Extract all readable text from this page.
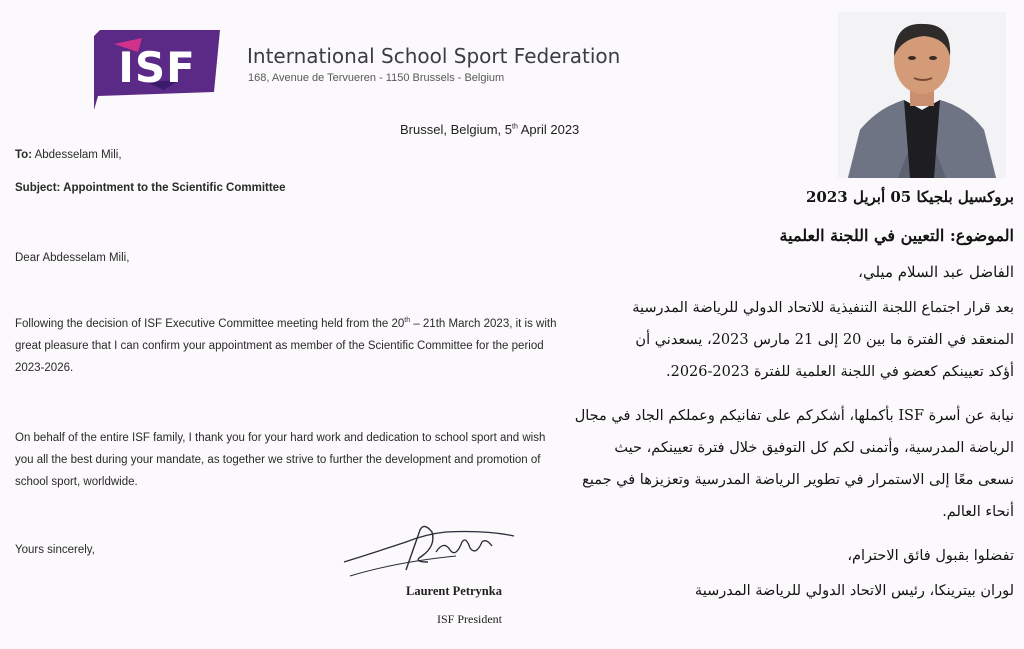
ISF	International School Sport Federation
168, Avenue de Tervueren - 1150 Brussels - Belgium
Brussel, Belgium, 5th April 2023
To: Abdesselam Mili,
Subject: Appointment to the Scientific Committee
Dear Abdesselam Mili,
Following the decision of ISF Executive Committee meeting held from the 20th – 21th March 2023, it is with great pleasure that I can confirm your appointment as member of the Scientific Committee for the period 2023-2026.
On behalf of the entire ISF family, I thank you for your hard work and dedication to school sport and wish you all the best during your mandate, as together we strive to further the development and promotion of school sport, worldwide.
Yours sincerely,
Laurent Petrynka
ISF President
بروكسيل بلجيكا 05 أبريل 2023
الموضوع: التعيين في اللجنة العلمية
الفاضل عبد السلام ميلي،
بعد قرار اجتماع اللجنة التنفيذية للاتحاد الدولي للرياضة المدرسية
المنعقد في الفترة ما بين 20 إلى 21 مارس 2023، يسعدني أن
أؤكد تعيينكم كعضو في اللجنة العلمية للفترة 2023-2026.
نيابة عن أسرة ISF بأكملها، أشكركم على تفانيكم وعملكم الجاد في مجال
الرياضة المدرسية، وأتمنى لكم كل التوفيق خلال فترة تعيينكم، حيث
نسعى معًا إلى الاستمرار في تطوير الرياضة المدرسية وتعزيزها في جميع
أنحاء العالم.
تفضلوا بقبول فائق الاحترام،
لوران بيترينكا، رئيس الاتحاد الدولي للرياضة المدرسية
